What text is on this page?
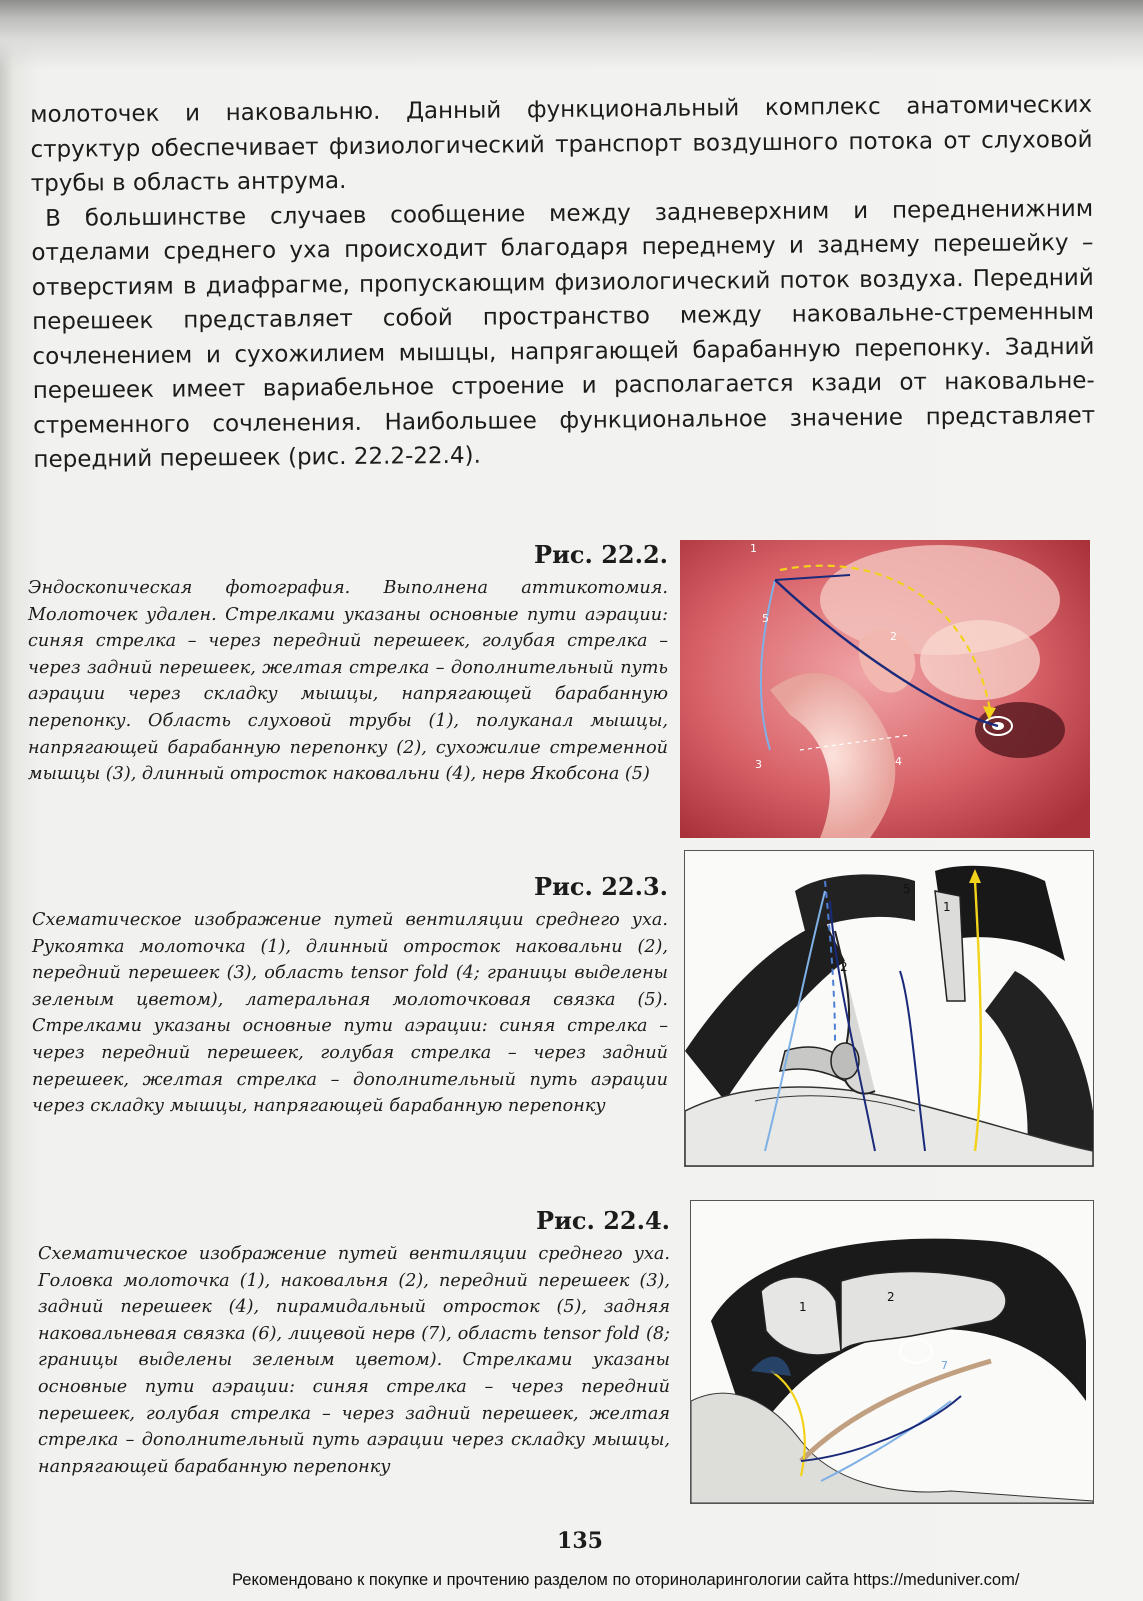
молоточек и наковальню. Данный функциональный комплекс анатомических структур обеспечивает физиологический транспорт воздушного потока от слуховой трубы в область антрума.

В большинстве случаев сообщение между задневерхним и передненижним отделами среднего уха происходит благодаря переднему и заднему перешейку – отверстиям в диафрагме, пропускающим физиологический поток воздуха. Передний перешеек представляет собой пространство между наковальне-стременным сочленением и сухожилием мышцы, напрягающей барабанную перепонку. Задний перешеек имеет вариабельное строение и располагается кзади от наковальне-стременного сочленения. Наибольшее функциональное значение представляет передний перешеек (рис. 22.2-22.4).

Рис. 22.2.

Эндоскопическая фотография. Выполнена аттикотомия. Молоточек удален. Стрелками указаны основные пути аэрации: синяя стрелка – через передний перешеек, голубая стрелка – через задний перешеек, желтая стрелка – дополнительный путь аэрации через складку мышцы, напрягающей барабанную перепонку. Область слуховой трубы (1), полуканал мышцы, напрягающей барабанную перепонку (2), сухожилие стременной мышцы (3), длинный отросток наковальни (4), нерв Якобсона (5)

5
2
3	4
1
Рис. 22.3.

Схематическое изображение путей вентиляции среднего уха. Рукоятка молоточка (1), длинный отросток наковальни (2), передний перешеек (3), область tensor fold (4; границы выделены зеленым цветом), латеральная молоточковая связка (5). Стрелками указаны основные пути аэрации: синяя стрелка – через передний перешеек, голубая стрелка – через задний перешеек, желтая стрелка – дополнительный путь аэрации через складку мышцы, напрягающей барабанную перепонку

2
5
1
Рис. 22.4.

Схематическое изображение путей вентиляции среднего уха. Головка молоточка (1), наковальня (2), передний перешеек (3), задний перешеек (4), пирамидальный отросток (5), задняя наковальневая связка (6), лицевой нерв (7), область tensor fold (8; границы выделены зеленым цветом). Стрелками указаны основные пути аэрации: синяя стрелка – через передний перешеек, голубая стрелка – через задний перешеек, желтая стрелка – дополнительный путь аэрации через складку мышцы, напрягающей барабанную перепонку

1
2
7
135
Рекомендовано к покупке и прочтению разделом по оториноларингологии сайта https://meduniver.com/
